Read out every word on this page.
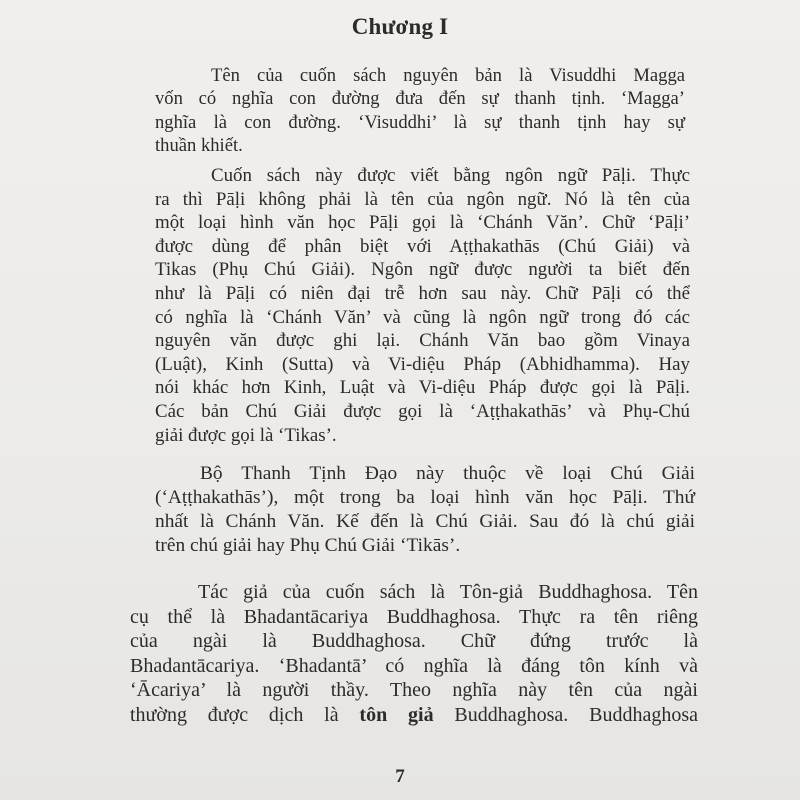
Chương I

Tên của cuốn sách nguyên bản là Visuddhi Magga
vốn có nghĩa con đường đưa đến sự thanh tịnh. ‘Magga’
nghĩa là con đường. ‘Visuddhi’ là sự thanh tịnh hay sự
thuần khiết.

Cuốn sách này được viết bằng ngôn ngữ Pāḷi. Thực
ra thì Pāḷi không phải là tên của ngôn ngữ. Nó là tên của
một loại hình văn học Pāḷi gọi là ‘Chánh Văn’. Chữ ‘Pāḷi’
được dùng để phân biệt với Aṭṭhakathās (Chú Giải) và
Tikas (Phụ Chú Giải). Ngôn ngữ được người ta biết đến
như là Pāḷi có niên đại trễ hơn sau này. Chữ Pāḷi có thể
có nghĩa là ‘Chánh Văn’ và cũng là ngôn ngữ trong đó các
nguyên văn được ghi lại. Chánh Văn bao gồm Vinaya
(Luật), Kinh (Sutta) và Vi-diệu Pháp (Abhidhamma). Hay
nói khác hơn Kinh, Luật và Vi-diệu Pháp được gọi là Pāḷi.
Các bản Chú Giải được gọi là ‘Aṭṭhakathās’ và Phụ-Chú
giải được gọi là ‘Tikas’.

Bộ Thanh Tịnh Đạo này thuộc về loại Chú Giải
(‘Aṭṭhakathās’), một trong ba loại hình văn học Pāḷi. Thứ
nhất là Chánh Văn. Kế đến là Chú Giải. Sau đó là chú giải
trên chú giải hay Phụ Chú Giải ‘Tikās’.

Tác giả của cuốn sách là Tôn-giả Buddhaghosa. Tên
cụ thể là Bhadantācariya Buddhaghosa. Thực ra tên riêng
của ngài là Buddhaghosa. Chữ đứng trước là
Bhadantācariya. ‘Bhadantā’ có nghĩa là đáng tôn kính và
‘Ācariya’ là người thầy. Theo nghĩa này tên của ngài
thường được dịch là tôn giả Buddhaghosa. Buddhaghosa

7
